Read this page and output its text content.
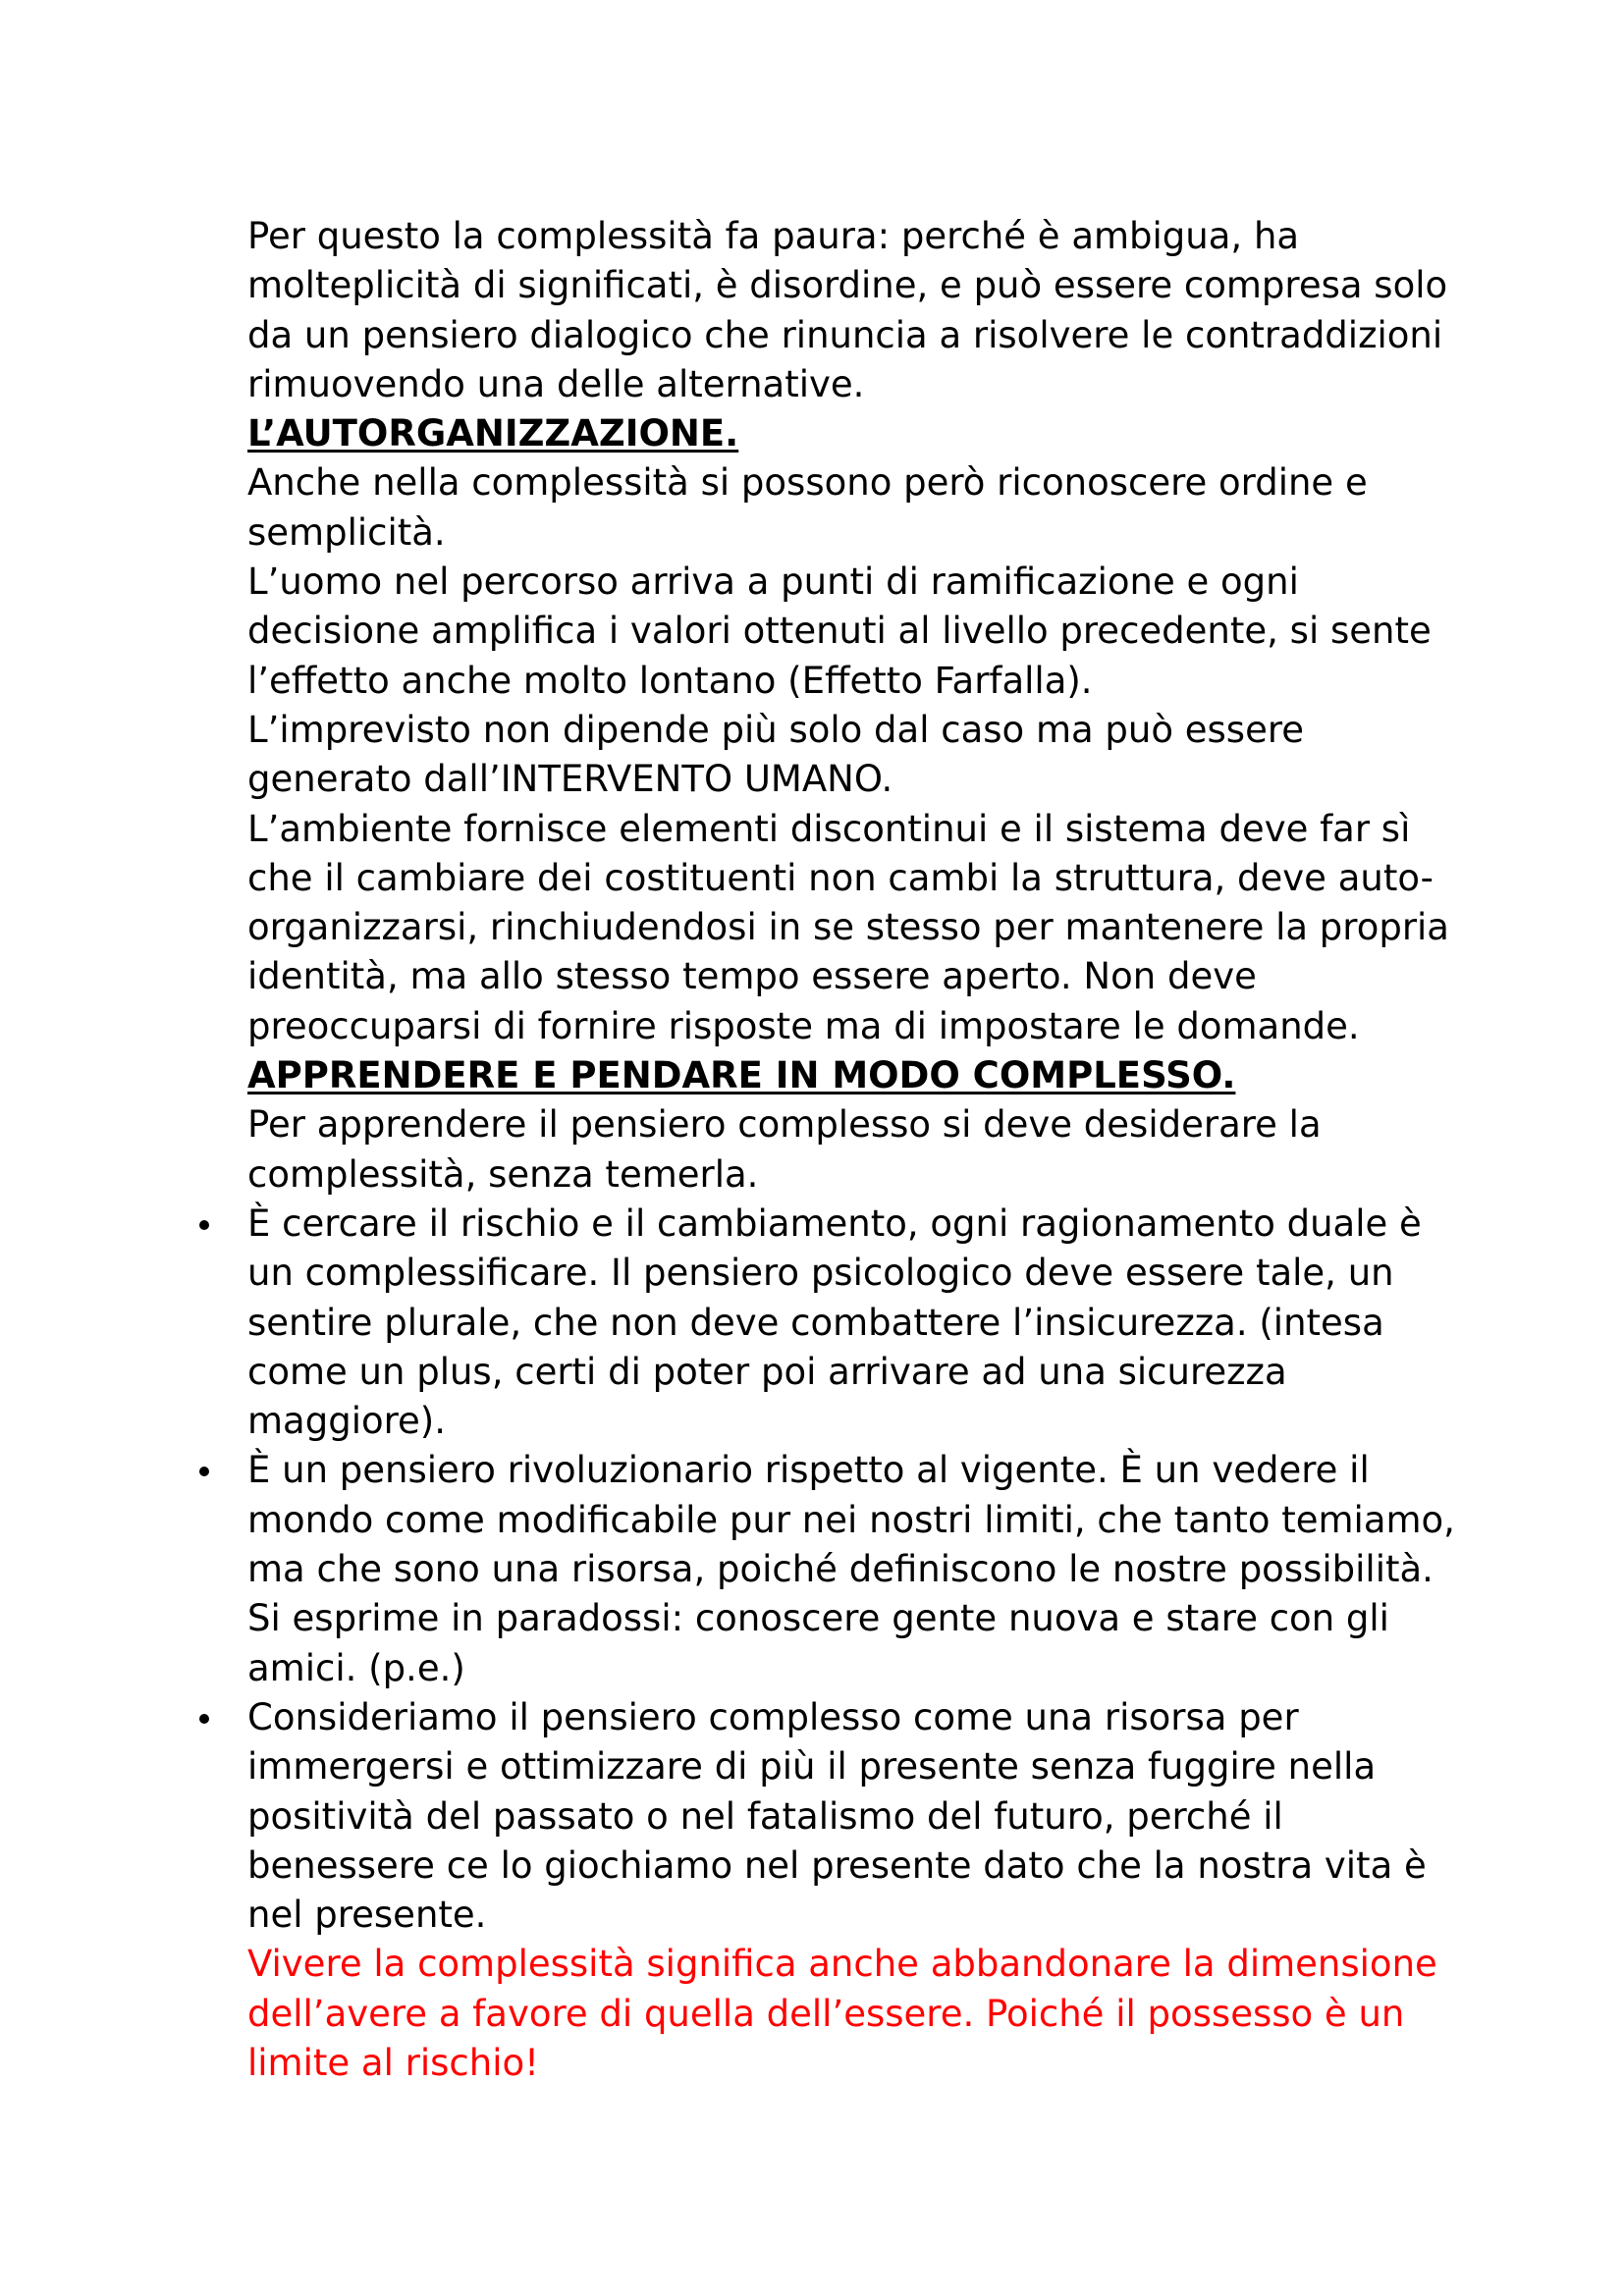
Per questo la complessità fa paura: perché è ambigua, ha molteplicità di significati, è disordine, e può essere compresa solo da un pensiero dialogico che rinuncia a risolvere le contraddizioni rimuovendo una delle alternative.

L’AUTORGANIZZAZIONE.

Anche nella complessità si possono però riconoscere ordine e semplicità.

L’uomo nel percorso arriva a punti di ramificazione e ogni decisione amplifica i valori ottenuti al livello precedente, si sente l’effetto anche molto lontano (Effetto Farfalla).

L’imprevisto non dipende più solo dal caso ma può essere generato dall’INTERVENTO UMANO.

L’ambiente fornisce elementi discontinui e il sistema deve far sì che il cambiare dei costituenti non cambi la struttura, deve auto-organizzarsi, rinchiudendosi in se stesso per mantenere la propria identità, ma allo stesso tempo essere aperto. Non deve preoccuparsi di fornire risposte ma di impostare le domande.

APPRENDERE E PENDARE IN MODO COMPLESSO.

Per apprendere il pensiero complesso si deve desiderare la complessità, senza temerla.

È cercare il rischio e il cambiamento, ogni ragionamento duale è un complessificare. Il pensiero psicologico deve essere tale, un sentire plurale, che non deve combattere l’insicurezza. (intesa come un plus, certi di poter poi arrivare ad una sicurezza maggiore).
È un pensiero rivoluzionario rispetto al vigente. È un vedere il mondo come modificabile pur nei nostri limiti, che tanto temiamo, ma che sono una risorsa, poiché definiscono le nostre possibilità. Si esprime in paradossi: conoscere gente nuova e stare con gli amici. (p.e.)
Consideriamo il pensiero complesso come una risorsa per immergersi e ottimizzare di più il presente senza fuggire nella positività del passato o nel fatalismo del futuro, perché il benessere ce lo giochiamo nel presente dato che la nostra vita è nel presente.

Vivere la complessità significa anche abbandonare la dimensione dell’avere a favore di quella dell’essere. Poiché il possesso è un limite al rischio!
